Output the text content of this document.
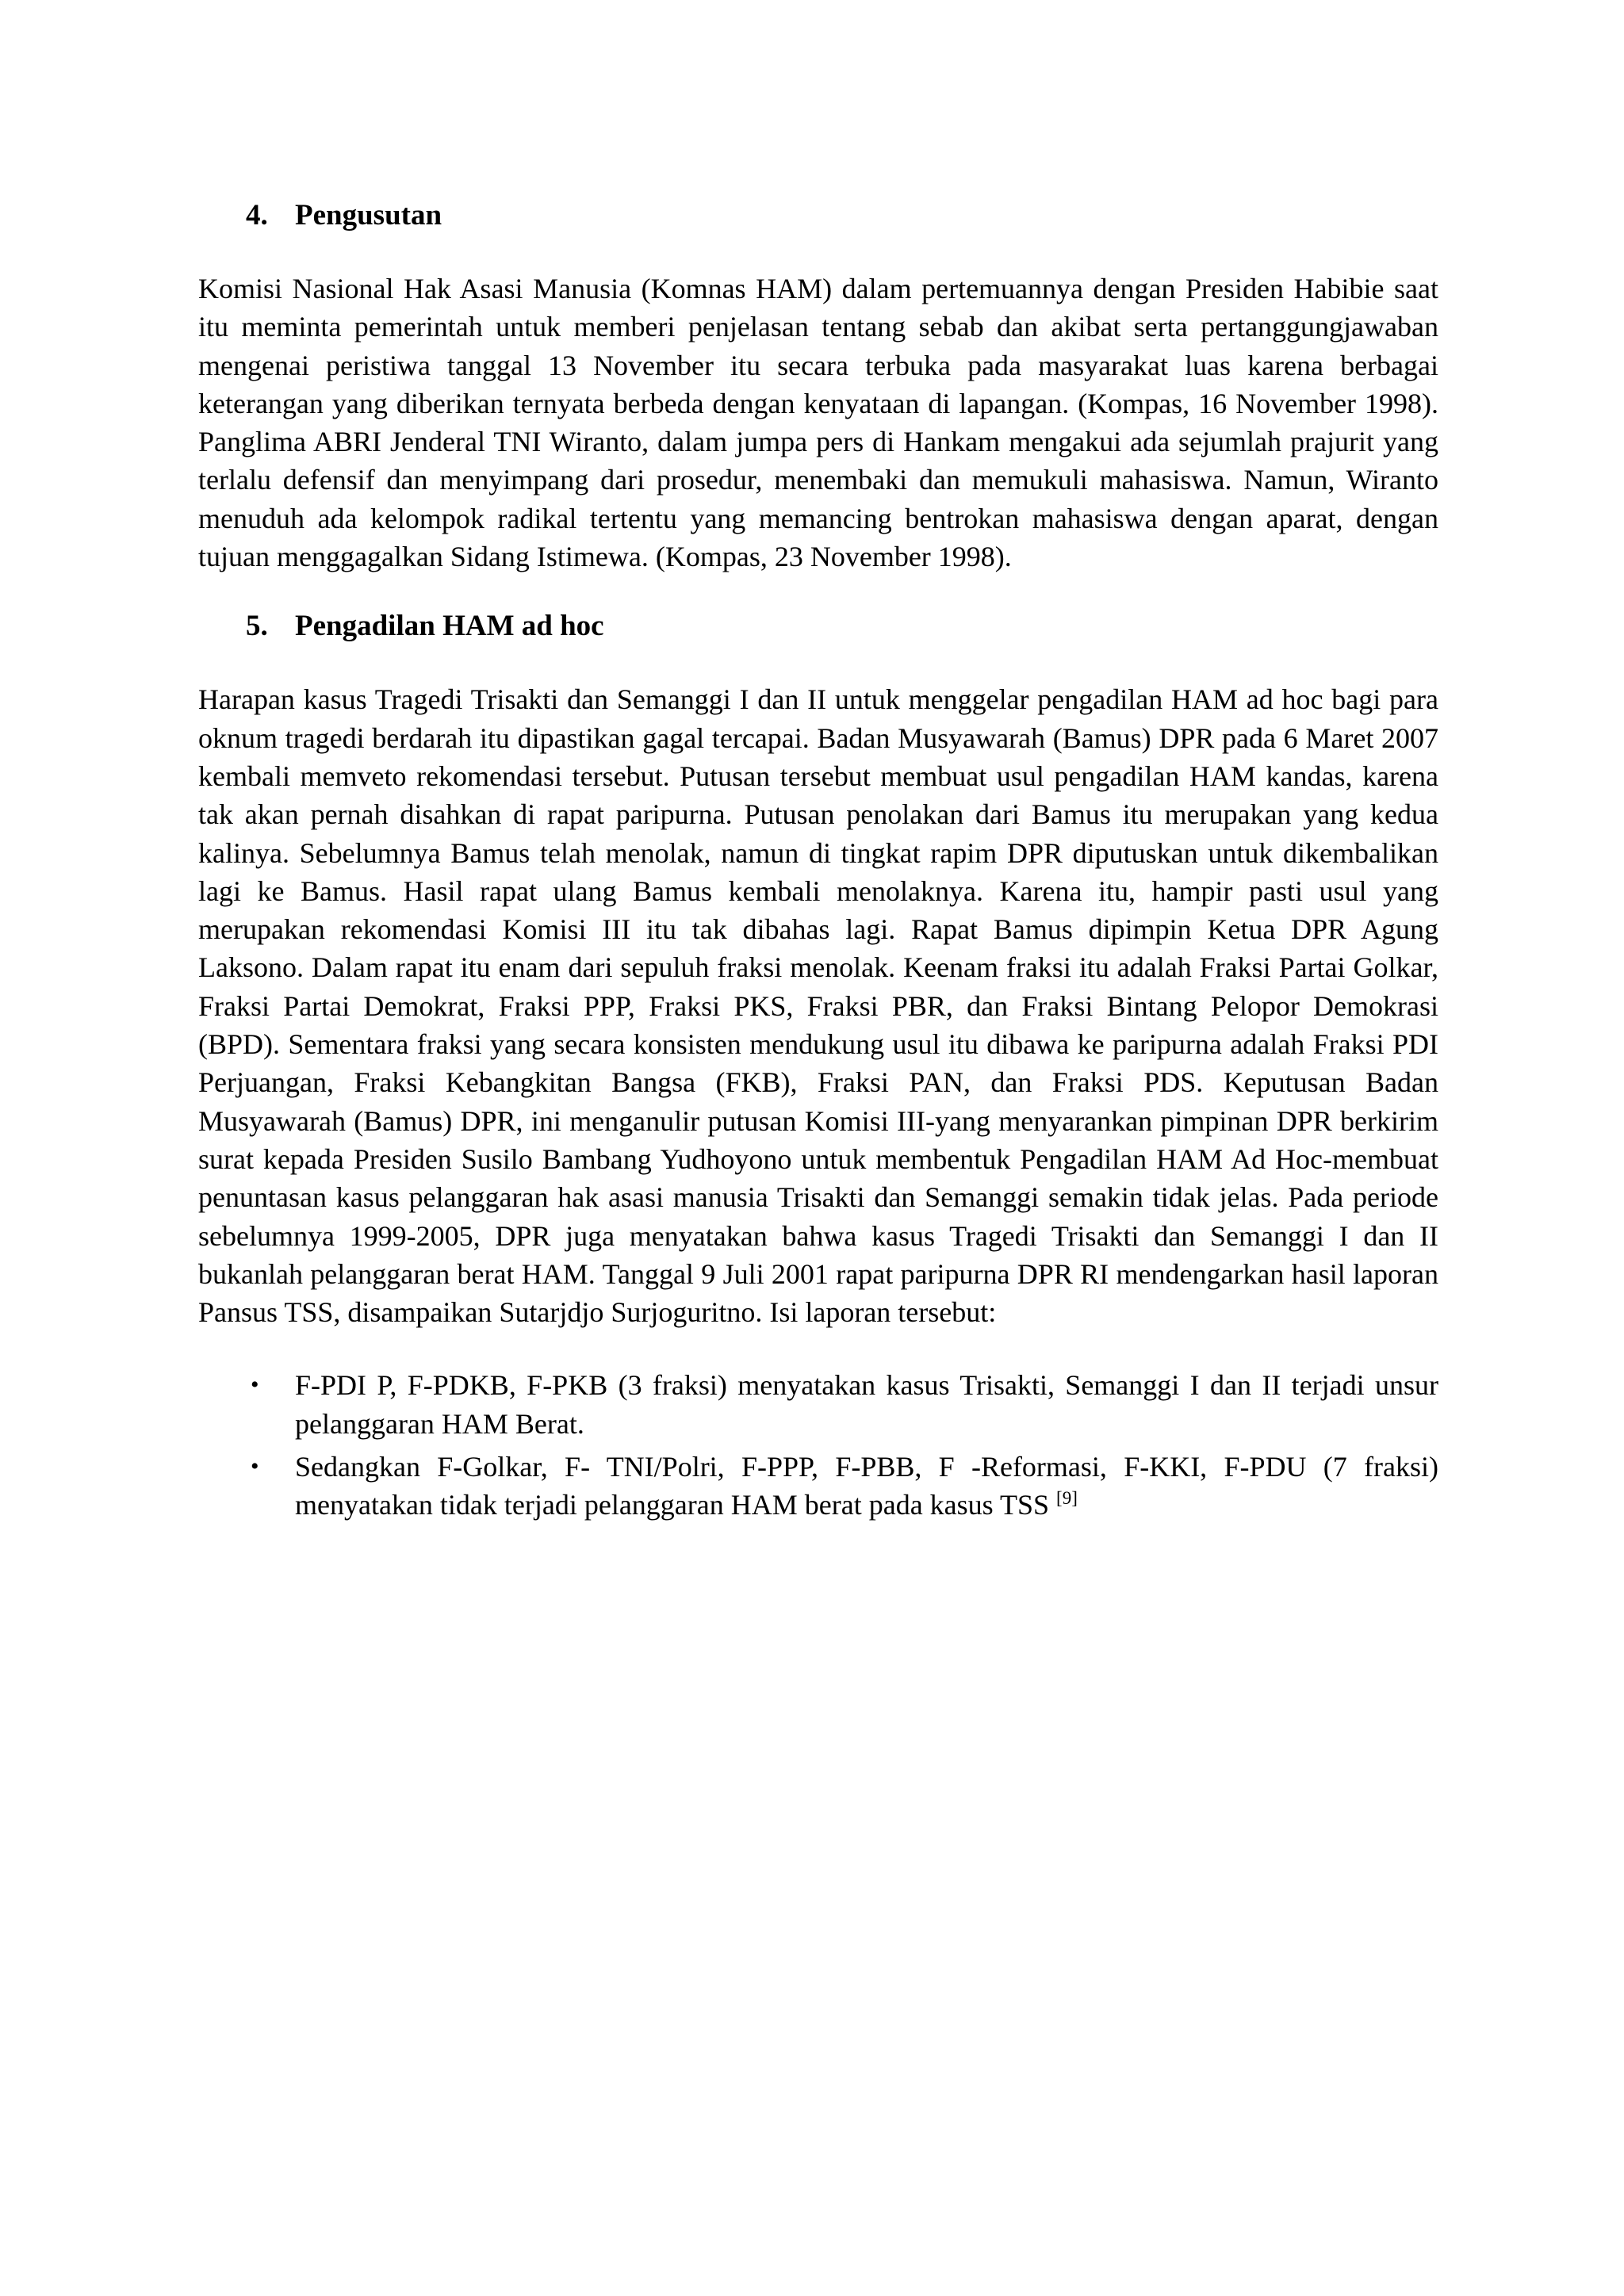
4. Pengusutan

Komisi Nasional Hak Asasi Manusia (Komnas HAM) dalam pertemuannya dengan Presiden Habibie saat itu meminta pemerintah untuk memberi penjelasan tentang sebab dan akibat serta pertanggungjawaban mengenai peristiwa tanggal 13 November itu secara terbuka pada masyarakat luas karena berbagai keterangan yang diberikan ternyata berbeda dengan kenyataan di lapangan. (Kompas, 16 November 1998). Panglima ABRI Jenderal TNI Wiranto, dalam jumpa pers di Hankam mengakui ada sejumlah prajurit yang terlalu defensif dan menyimpang dari prosedur, menembaki dan memukuli mahasiswa. Namun, Wiranto menuduh ada kelompok radikal tertentu yang memancing bentrokan mahasiswa dengan aparat, dengan tujuan menggagalkan Sidang Istimewa. (Kompas, 23 November 1998).

5. Pengadilan HAM ad hoc

Harapan kasus Tragedi Trisakti dan Semanggi I dan II untuk menggelar pengadilan HAM ad hoc bagi para oknum tragedi berdarah itu dipastikan gagal tercapai. Badan Musyawarah (Bamus) DPR pada 6 Maret 2007 kembali memveto rekomendasi tersebut. Putusan tersebut membuat usul pengadilan HAM kandas, karena tak akan pernah disahkan di rapat paripurna. Putusan penolakan dari Bamus itu merupakan yang kedua kalinya. Sebelumnya Bamus telah menolak, namun di tingkat rapim DPR diputuskan untuk dikembalikan lagi ke Bamus. Hasil rapat ulang Bamus kembali menolaknya. Karena itu, hampir pasti usul yang merupakan rekomendasi Komisi III itu tak dibahas lagi. Rapat Bamus dipimpin Ketua DPR Agung Laksono. Dalam rapat itu enam dari sepuluh fraksi menolak. Keenam fraksi itu adalah Fraksi Partai Golkar, Fraksi Partai Demokrat, Fraksi PPP, Fraksi PKS, Fraksi PBR, dan Fraksi Bintang Pelopor Demokrasi (BPD). Sementara fraksi yang secara konsisten mendukung usul itu dibawa ke paripurna adalah Fraksi PDI Perjuangan, Fraksi Kebangkitan Bangsa (FKB), Fraksi PAN, dan Fraksi PDS. Keputusan Badan Musyawarah (Bamus) DPR, ini menganulir putusan Komisi III-yang menyarankan pimpinan DPR berkirim surat kepada Presiden Susilo Bambang Yudhoyono untuk membentuk Pengadilan HAM Ad Hoc-membuat penuntasan kasus pelanggaran hak asasi manusia Trisakti dan Semanggi semakin tidak jelas. Pada periode sebelumnya 1999-2005, DPR juga menyatakan bahwa kasus Tragedi Trisakti dan Semanggi I dan II bukanlah pelanggaran berat HAM. Tanggal 9 Juli 2001 rapat paripurna DPR RI mendengarkan hasil laporan Pansus TSS, disampaikan Sutarjdjo Surjoguritno. Isi laporan tersebut:

• F-PDI P, F-PDKB, F-PKB (3 fraksi) menyatakan kasus Trisakti, Semanggi I dan II terjadi unsur pelanggaran HAM Berat.
• Sedangkan F-Golkar, F- TNI/Polri, F-PPP, F-PBB, F -Reformasi, F-KKI, F-PDU (7 fraksi) menyatakan tidak terjadi pelanggaran HAM berat pada kasus TSS [9]
